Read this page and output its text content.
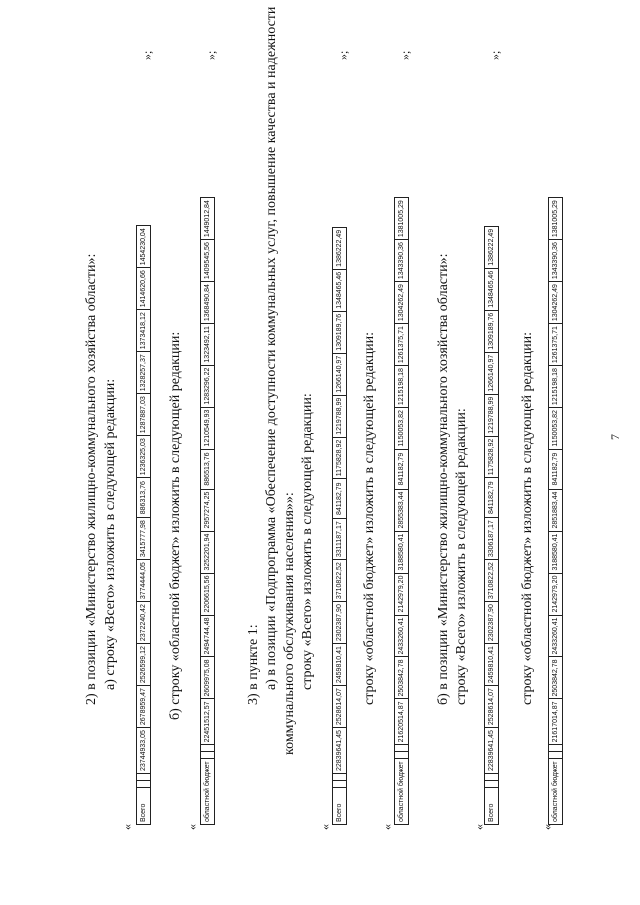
7
2) в позиции «Министерство жилищно-коммунального хозяйства области»: а) строку «Всего» изложить в следующей редакции:
«
Всего			23744933,05	2678959,47	2526599,12	2372240,42	3774444,05	3415777,98	886313,76	1236325,03	1287887,03	1328257,37	1373418,12	1414620,66	1454230,04
»;
б) строку «областной бюджет» изложить в следующей редакции:
«
областной бюджет			22451512,57	2609975,08	2494744,48	2206615,56	3252201,94	2957274,25	886513,76	1210549,93	1283296,22	1323492,11	1368490,84	1409545,56	1449012,84
»;
3) в пункте 1: а) в позиции «Подпрограмма «Обеспечение доступности коммунальных услуг, повышение качества и надежности коммунального обслуживания населения»»: строку «Всего» изложить в следующей редакции:
«
Всего			22839641,45	2528614,07	2459810,41	2302387,90	3710822,52	3311187,17	841182,79	1175828,92	1219788,99	1266140,97	1309189,76	1348465,46	1386222,49
»;
строку «областной бюджет» изложить в следующей редакции:
«
областной бюджет			21620514,87	2503842,78	2433260,41	2142979,20	3188580,41	2855383,44	841182,79	1150053,82	1215198,18	1261375,71	1304262,49	1343390,36	1381005,29
»;
б) в позиции «Министерство жилищно-коммунального хозяйства области»: строку «Всего» изложить в следующей редакции:
«
Всего			22839641,45	2528614,07	2459810,41	2302387,90	3710822,52	3306187,17	841182,79	1175828,92	1219788,99	1266140,97	1309189,76	1348465,46	1386222,49
»;
строку «областной бюджет» изложить в следующей редакции:
«
областной бюджет			21617014,87	2503842,78	2433260,41	2142979,20	3188580,41	2851883,44	841182,79	1150053,82	1215198,18	1261375,71	1304262,49	1343390,36	1381005,29
